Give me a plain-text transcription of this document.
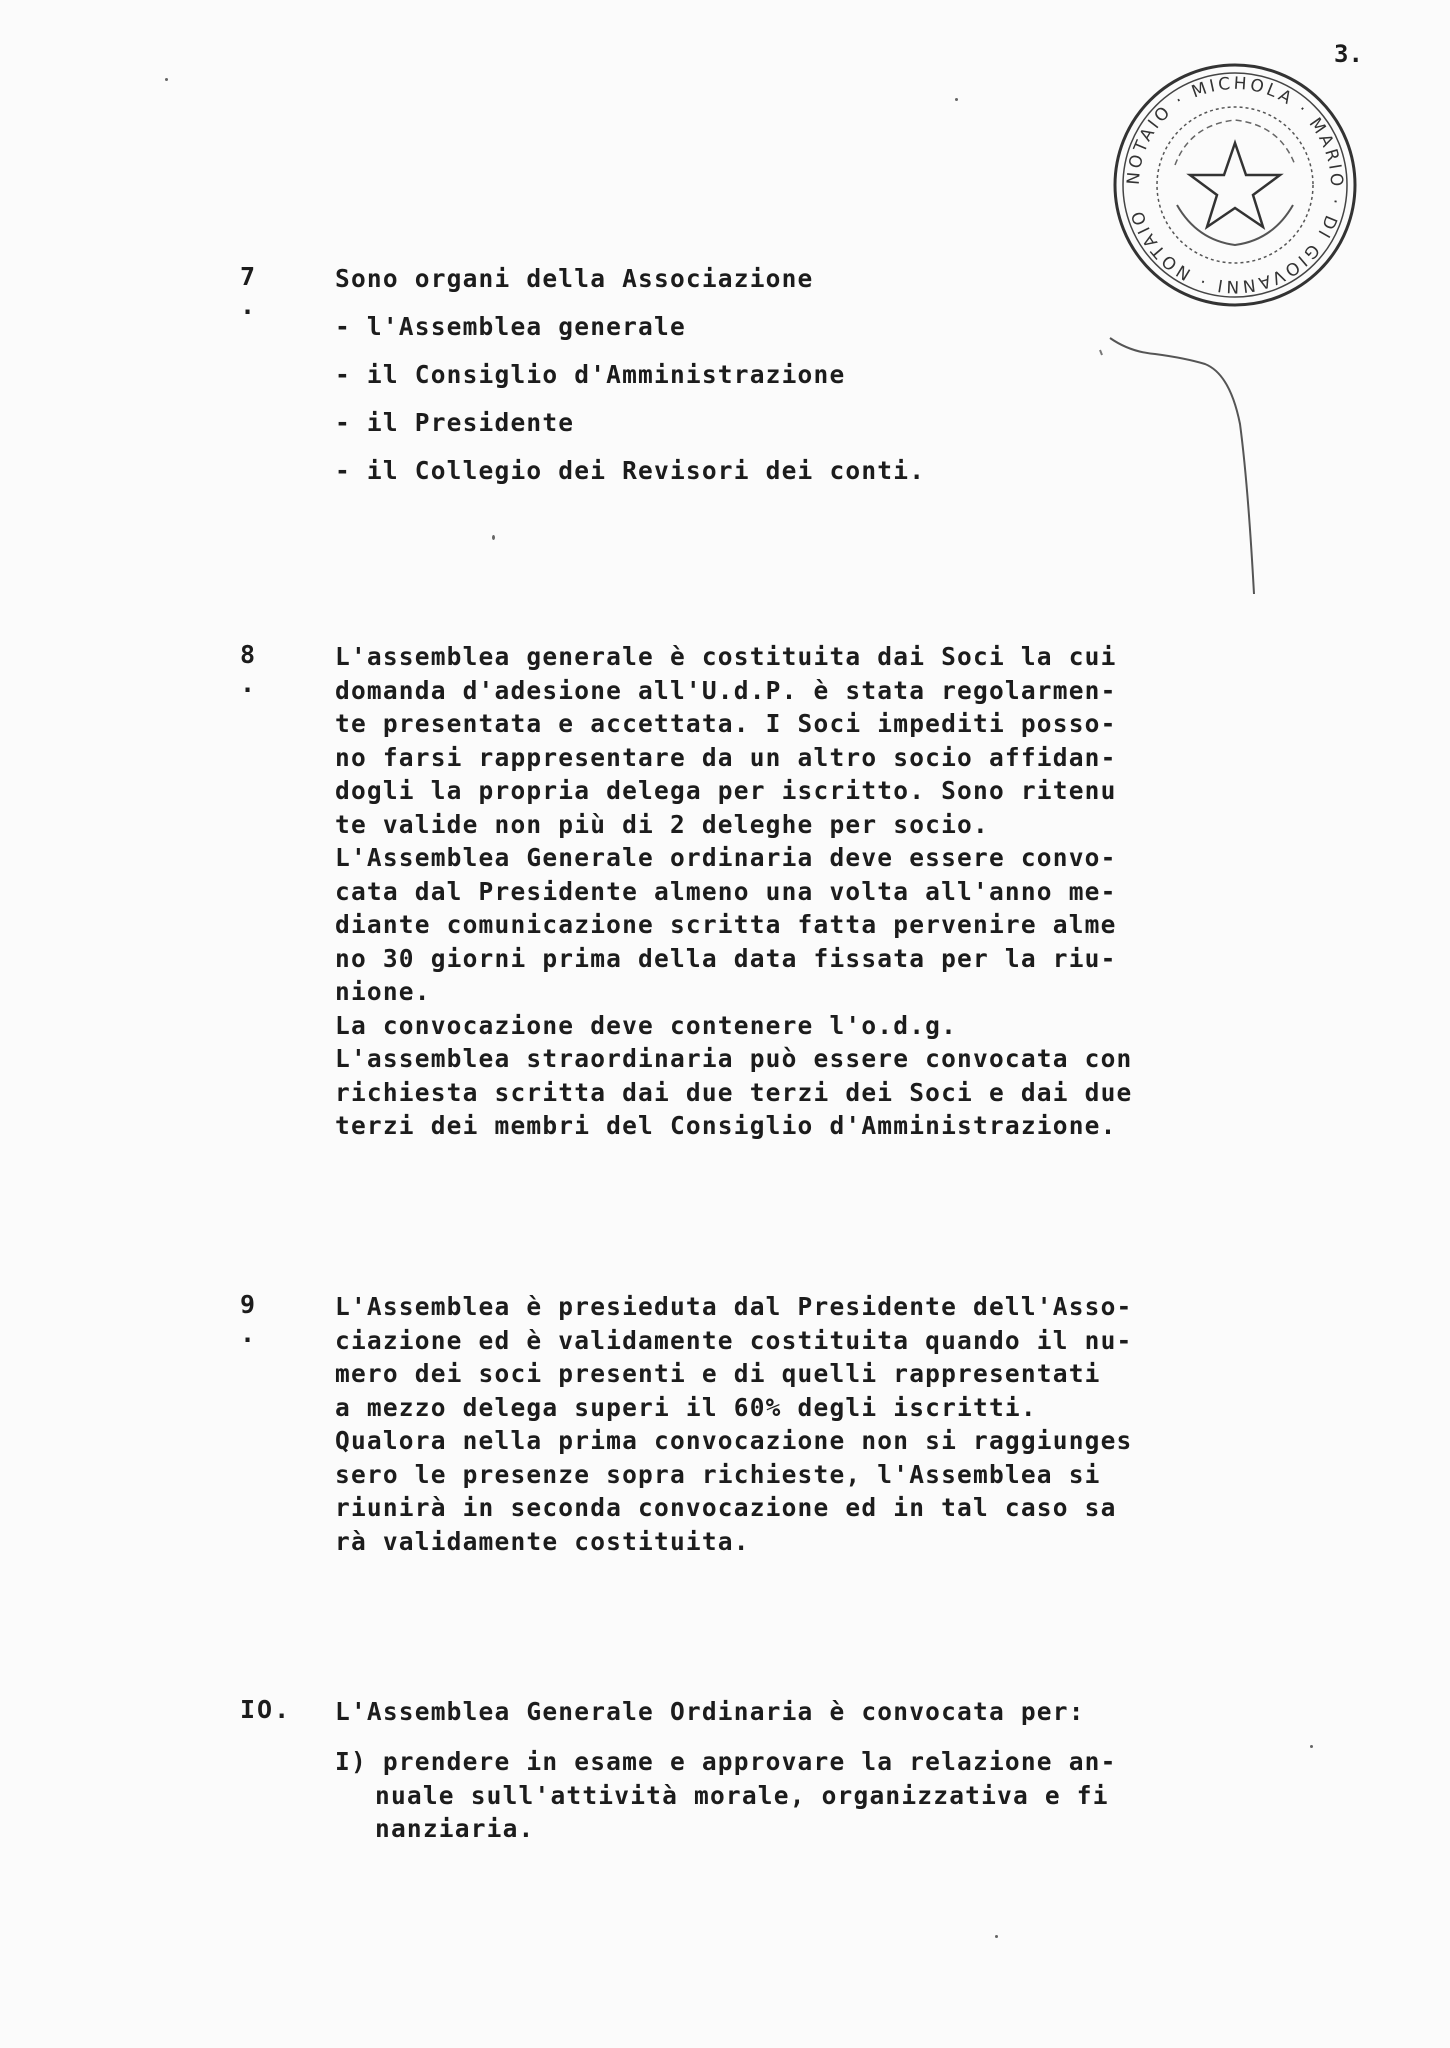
3.
NOTAIO · MICHOLA · MARIO · DI GIOVANNI · NOTAIO
7 .
Sono organi della Associazione
- l'Assemblea generale
- il Consiglio d'Amministrazione
- il Presidente
- il Collegio dei Revisori dei conti.
8 .
L'assemblea generale è costituita dai Soci la cui
domanda d'adesione all'U.d.P. è stata regolarmen-
te presentata e accettata. I Soci impediti posso-
no farsi rappresentare da un altro socio affidan-
dogli la propria delega per iscritto. Sono ritenu
te valide non più di 2 deleghe per socio.
L'Assemblea Generale ordinaria deve essere convo-
cata dal Presidente almeno una volta all'anno me-
diante comunicazione scritta fatta pervenire alme
no 30 giorni prima della data fissata per la riu-
nione.
La convocazione deve contenere l'o.d.g.
L'assemblea straordinaria può essere convocata con
richiesta scritta dai due terzi dei Soci e dai due
terzi dei membri del Consiglio d'Amministrazione.
9 .
L'Assemblea è presieduta dal Presidente dell'Asso-
ciazione ed è validamente costituita quando il nu-
mero dei soci presenti e di quelli rappresentati
a mezzo delega superi il 60% degli iscritti.
Qualora nella prima convocazione non si raggiunges
sero le presenze sopra richieste, l'Assemblea si
riunirà in seconda convocazione ed in tal caso sa
rà validamente costituita.
IO. L'Assemblea Generale Ordinaria è convocata per:
I) prendere in esame e approvare la relazione an-
nuale sull'attività morale, organizzativa e fi
nanziaria.
